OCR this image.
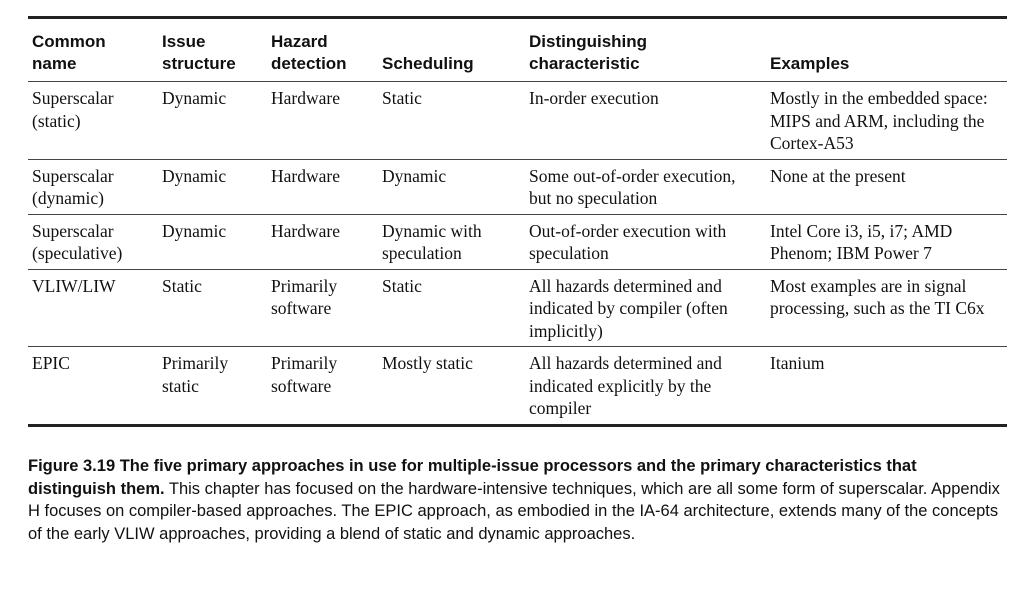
Common name	Issue structure	Hazard detection	Scheduling	Distinguishing characteristic	Examples
Superscalar (static)	Dynamic	Hardware	Static	In-order execution	Mostly in the embedded space: MIPS and ARM, including the Cortex-A53
Superscalar (dynamic)	Dynamic	Hardware	Dynamic	Some out-of-order execution, but no speculation	None at the present
Superscalar (speculative)	Dynamic	Hardware	Dynamic with speculation	Out-of-order execution with speculation	Intel Core i3, i5, i7; AMD Phenom; IBM Power 7
VLIW/LIW	Static	Primarily software	Static	All hazards determined and indicated by compiler (often implicitly)	Most examples are in signal processing, such as the TI C6x
EPIC	Primarily static	Primarily software	Mostly static	All hazards determined and indicated explicitly by the compiler	Itanium
Figure 3.19 The five primary approaches in use for multiple-issue processors and the primary characteristics that distinguish them. This chapter has focused on the hardware-intensive techniques, which are all some form of superscalar. Appendix H focuses on compiler-based approaches. The EPIC approach, as embodied in the IA-64 architecture, extends many of the concepts of the early VLIW approaches, providing a blend of static and dynamic approaches.
